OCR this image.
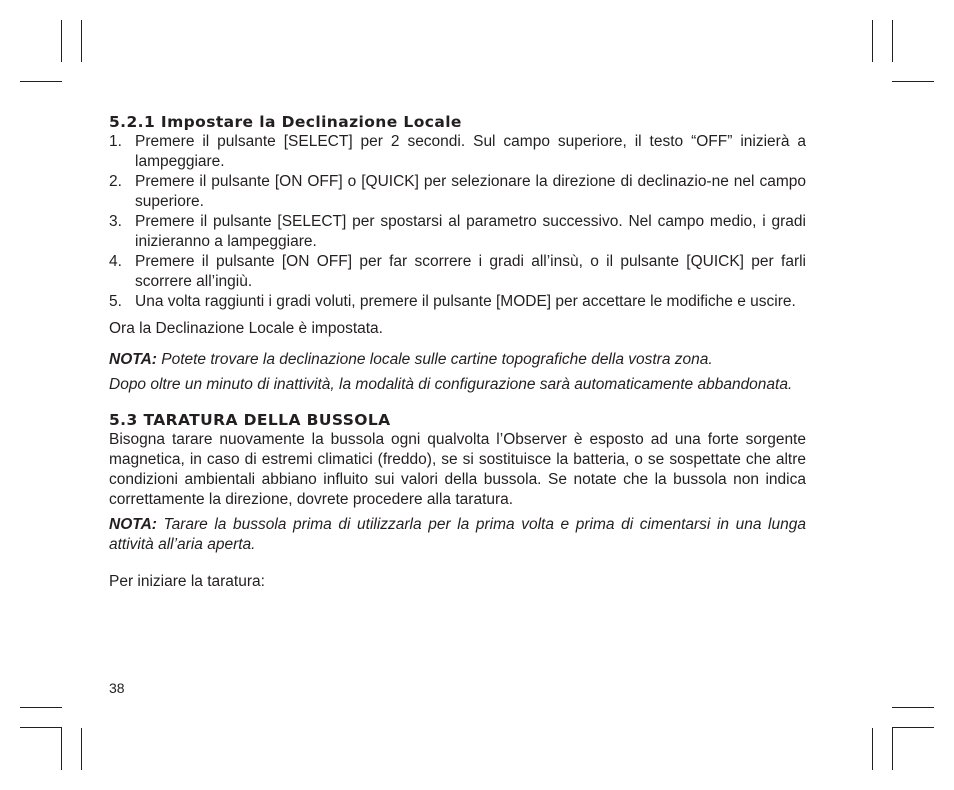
5.2.1 Impostare la Declinazione Locale
1. Premere il pulsante [SELECT] per 2 secondi. Sul campo superiore, il testo “OFF” inizierà a lampeggiare.
2. Premere il pulsante [ON OFF] o [QUICK] per selezionare la direzione di declinazio-ne nel campo superiore.
3. Premere il pulsante [SELECT] per spostarsi al parametro successivo. Nel campo medio, i gradi inizieranno a lampeggiare.
4. Premere il pulsante [ON OFF] per far scorrere i gradi all’insù, o il pulsante [QUICK] per farli scorrere all’ingiù.
5. Una volta raggiunti i gradi voluti, premere il pulsante [MODE] per accettare le modifiche e uscire.

Ora la Declinazione Locale è impostata.

NOTA: Potete trovare la declinazione locale sulle cartine topografiche della vostra zona.

Dopo oltre un minuto di inattività, la modalità di configurazione sarà automaticamente abbandonata.

5.3 TARATURA DELLA BUSSOLA

Bisogna tarare nuovamente la bussola ogni qualvolta l’Observer è esposto ad una forte sorgente magnetica, in caso di estremi climatici (freddo), se si sostituisce la batteria, o se sospettate che altre condizioni ambientali abbiano influito sui valori della bussola. Se notate che la bussola non indica correttamente la direzione, dovrete procedere alla taratura.

NOTA: Tarare la bussola prima di utilizzarla per la prima volta e prima di cimentarsi in una lunga attività all’aria aperta.

Per iniziare la taratura:

38
